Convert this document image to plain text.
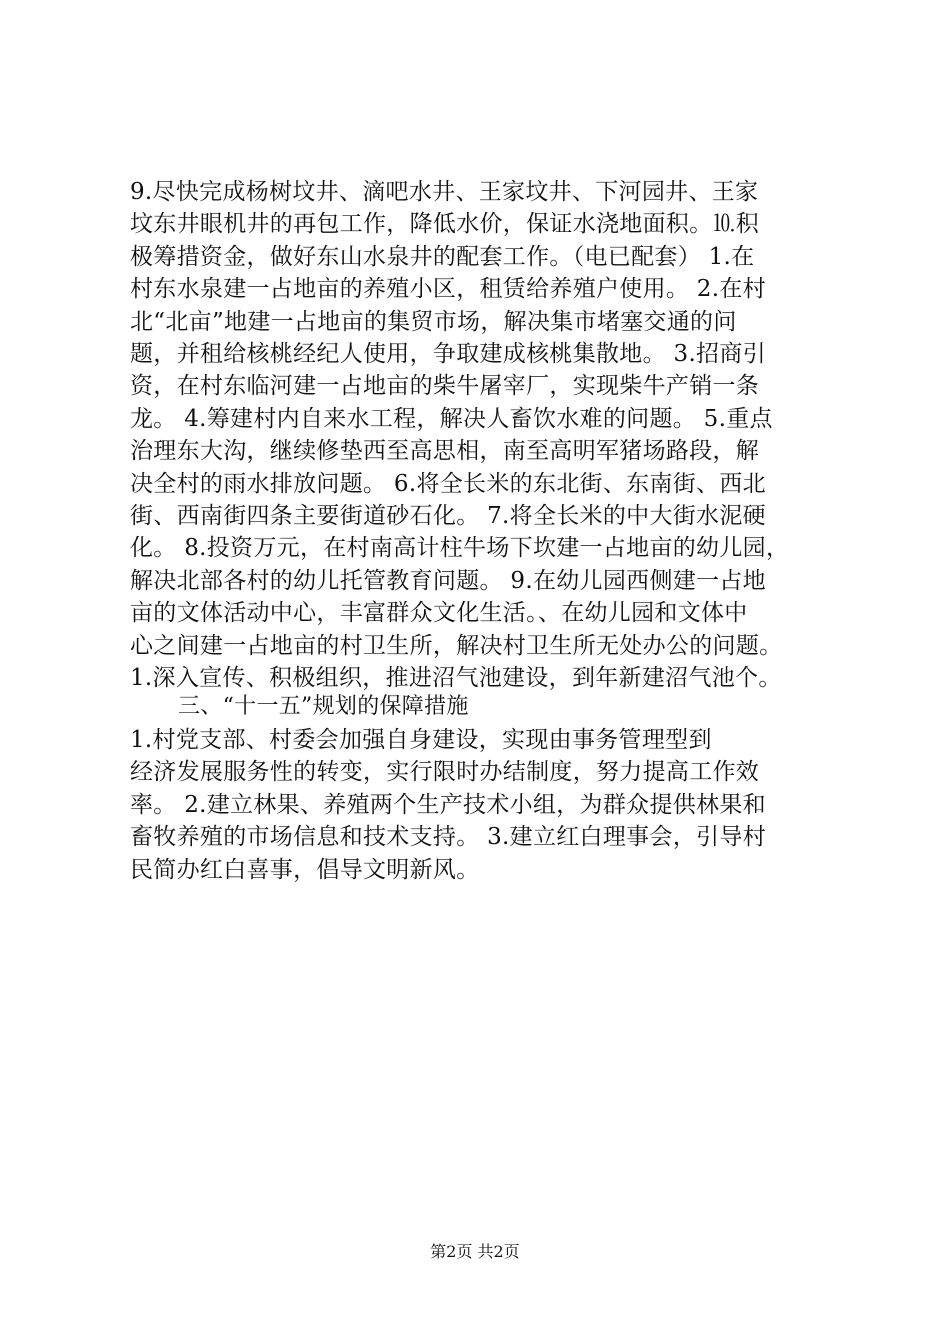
9.尽快完成杨树坟井、滴吧水井、王家坟井、下河园井、王家
坟东井眼机井的再包工作，降低水价，保证水浇地面积。⒑积
极筹措资金，做好东山水泉井的配套工作。（电已配套） 1.在
村东水泉建一占地亩的养殖小区，租赁给养殖户使用。 2.在村
北“北亩”地建一占地亩的集贸市场，解决集市堵塞交通的问
题，并租给核桃经纪人使用，争取建成核桃集散地。 3.招商引
资，在村东临河建一占地亩的柴牛屠宰厂，实现柴牛产销一条
龙。 4.筹建村内自来水工程，解决人畜饮水难的问题。 5.重点
治理东大沟，继续修垫西至高思相，南至高明军猪场路段，解
决全村的雨水排放问题。 6.将全长米的东北街、东南街、西北
街、西南街四条主要街道砂石化。 7.将全长米的中大街水泥硬
化。 8.投资万元，在村南高计柱牛场下坎建一占地亩的幼儿园，
解决北部各村的幼儿托管教育问题。 9.在幼儿园西侧建一占地
亩的文体活动中心，丰富群众文化生活。、在幼儿园和文体中
心之间建一占地亩的村卫生所，解决村卫生所无处办公的问题。
1.深入宣传、积极组织，推进沼气池建设，到年新建沼气池个。
三、“十一五”规划的保障措施
1.村党支部、村委会加强自身建设，实现由事务管理型到
经济发展服务性的转变，实行限时办结制度，努力提高工作效
率。 2.建立林果、养殖两个生产技术小组，为群众提供林果和
畜牧养殖的市场信息和技术支持。 3.建立红白理事会，引导村
民简办红白喜事，倡导文明新风。
第2页 共2页
